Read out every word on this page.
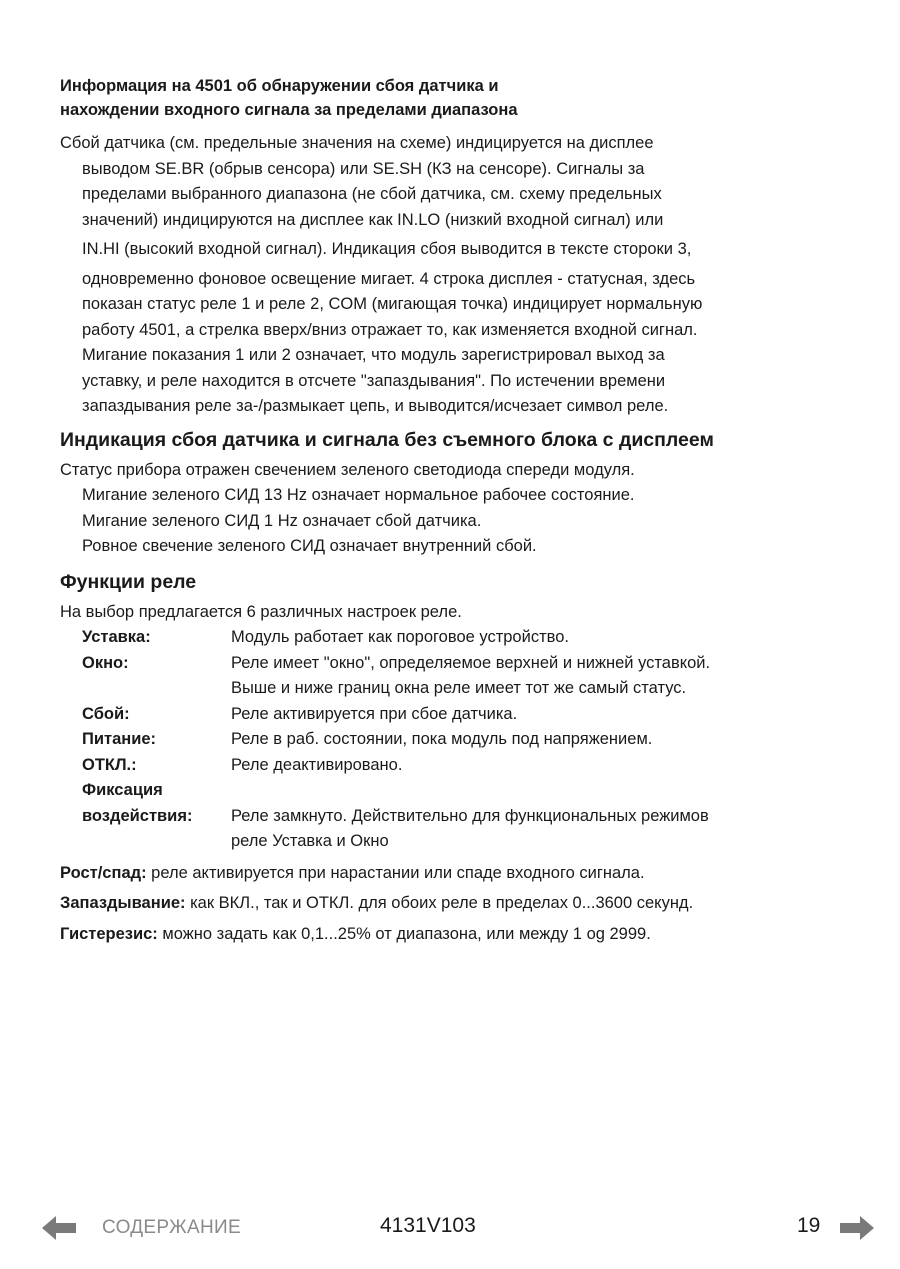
Информация на 4501 об обнаружении сбоя датчика и
нахождении входного сигнала за пределами диапазона
Сбой датчика (см. предельные значения на схеме) индицируется на дисплее
выводом SE.BR (обрыв сенсора) или SE.SH (КЗ на сенсоре). Сигналы за
пределами выбранного диапазона (не сбой датчика, см. схему предельных
значений) индицируются на дисплее как IN.LO (низкий входной сигнал) или
IN.HI (высокий входной сигнал). Индикация сбоя выводится в тексте стороки 3,
одновременно фоновое освещение мигает. 4 строка дисплея - статусная, здесь
показан статус реле 1 и реле 2, COM (мигающая точка) индицирует нормальную
работу 4501, а стрелка вверх/вниз отражает то, как изменяется входной сигнал.
Мигание показания 1 или 2 означает, что модуль зарегистрировал выход за
уставку, и реле находится в отсчете "запаздывания". По истечении времени
запаздывания реле за-/размыкает цепь, и выводится/исчезает символ реле.
Индикация сбоя датчика и сигнала без съемного блока с дисплеем
Статус прибора отражен свечением зеленого светодиода спереди модуля.
Мигание зеленого СИД 13 Hz означает нормальное рабочее состояние.
Мигание зеленого СИД 1 Hz означает сбой датчика.
Ровное свечение зеленого СИД означает внутренний сбой.
Функции реле
На выбор предлагается 6 различных настроек реле.
Уставка:	Модуль работает как пороговое устройство.
Окно:	Реле имеет "окно", определяемое верхней и нижней уставкой.
	Выше и ниже границ окна реле имеет тот же самый статус.
Сбой:	Реле активируется при сбое датчика.
Питание:	Реле в раб. состоянии, пока модуль под напряжением.
ОТКЛ.:	Реле деактивировано.
Фиксация	
воздействия:	Реле замкнуто. Действительно для функциональных режимов
	реле Уставка и Окно
Рост/спад: реле активируется при нарастании или спаде входного сигнала.
Запаздывание: как ВКЛ., так и ОТКЛ. для обоих реле в пределах 0...3600 секунд.
Гистерезис: можно задать как 0,1...25% от диапазона, или между 1 og 2999.
СОДЕРЖАНИЕ	4131V103	19
